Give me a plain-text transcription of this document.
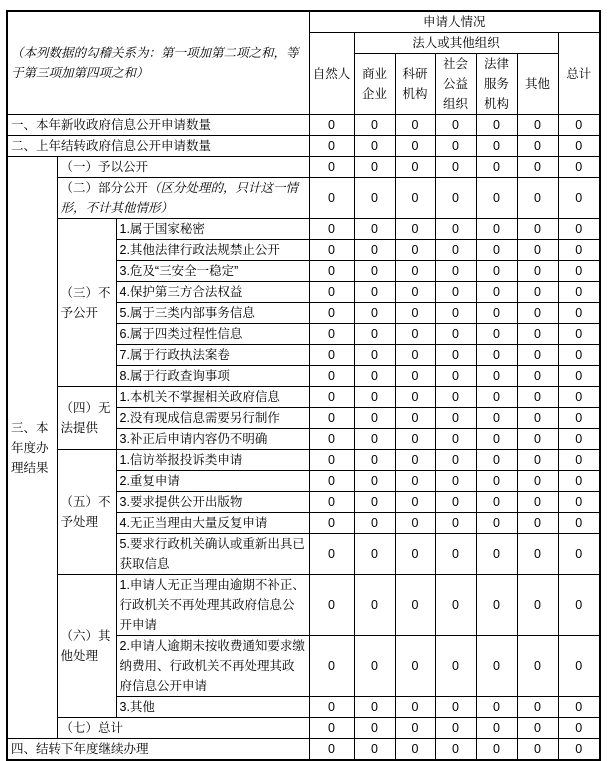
（本列数据的勾稽关系为：第一项加第二项之和，等于第三项加第四项之和）			申请人情况						
			自然人	法人或其他组织					总计
				商业企业	科研机构	社会公益组织	法律服务机构	其他	
一、本年新收政府信息公开申请数量			0	0	0	0	0	0	0
二、上年结转政府信息公开申请数量			0	0	0	0	0	0	0
三、本年度办理结果	（一）予以公开		0	0	0	0	0	0	0
	（二）部分公开（区分处理的，只计这一情形，不计其他情形）		0	0	0	0	0	0	0
	（三）不予公开	1.属于国家秘密	0	0	0	0	0	0	0
		2.其他法律行政法规禁止公开	0	0	0	0	0	0	0
		3.危及“三安全一稳定”	0	0	0	0	0	0	0
		4.保护第三方合法权益	0	0	0	0	0	0	0
		5.属于三类内部事务信息	0	0	0	0	0	0	0
		6.属于四类过程性信息	0	0	0	0	0	0	0
		7.属于行政执法案卷	0	0	0	0	0	0	0
		8.属于行政查询事项	0	0	0	0	0	0	0
	（四）无法提供	1.本机关不掌握相关政府信息	0	0	0	0	0	0	0
		2.没有现成信息需要另行制作	0	0	0	0	0	0	0
		3.补正后申请内容仍不明确	0	0	0	0	0	0	0
	（五）不予处理	1.信访举报投诉类申请	0	0	0	0	0	0	0
		2.重复申请	0	0	0	0	0	0	0
		3.要求提供公开出版物	0	0	0	0	0	0	0
		4.无正当理由大量反复申请	0	0	0	0	0	0	0
		5.要求行政机关确认或重新出具已获取信息	0	0	0	0	0	0	0
	（六）其他处理	1.申请人无正当理由逾期不补正、行政机关不再处理其政府信息公开申请	0	0	0	0	0	0	0
		2.申请人逾期未按收费通知要求缴纳费用、行政机关不再处理其政府信息公开申请	0	0	0	0	0	0	0
		3.其他	0	0	0	0	0	0	0
	（七）总计		0	0	0	0	0	0	0
四、结转下年度继续办理			0	0	0	0	0	0	0
